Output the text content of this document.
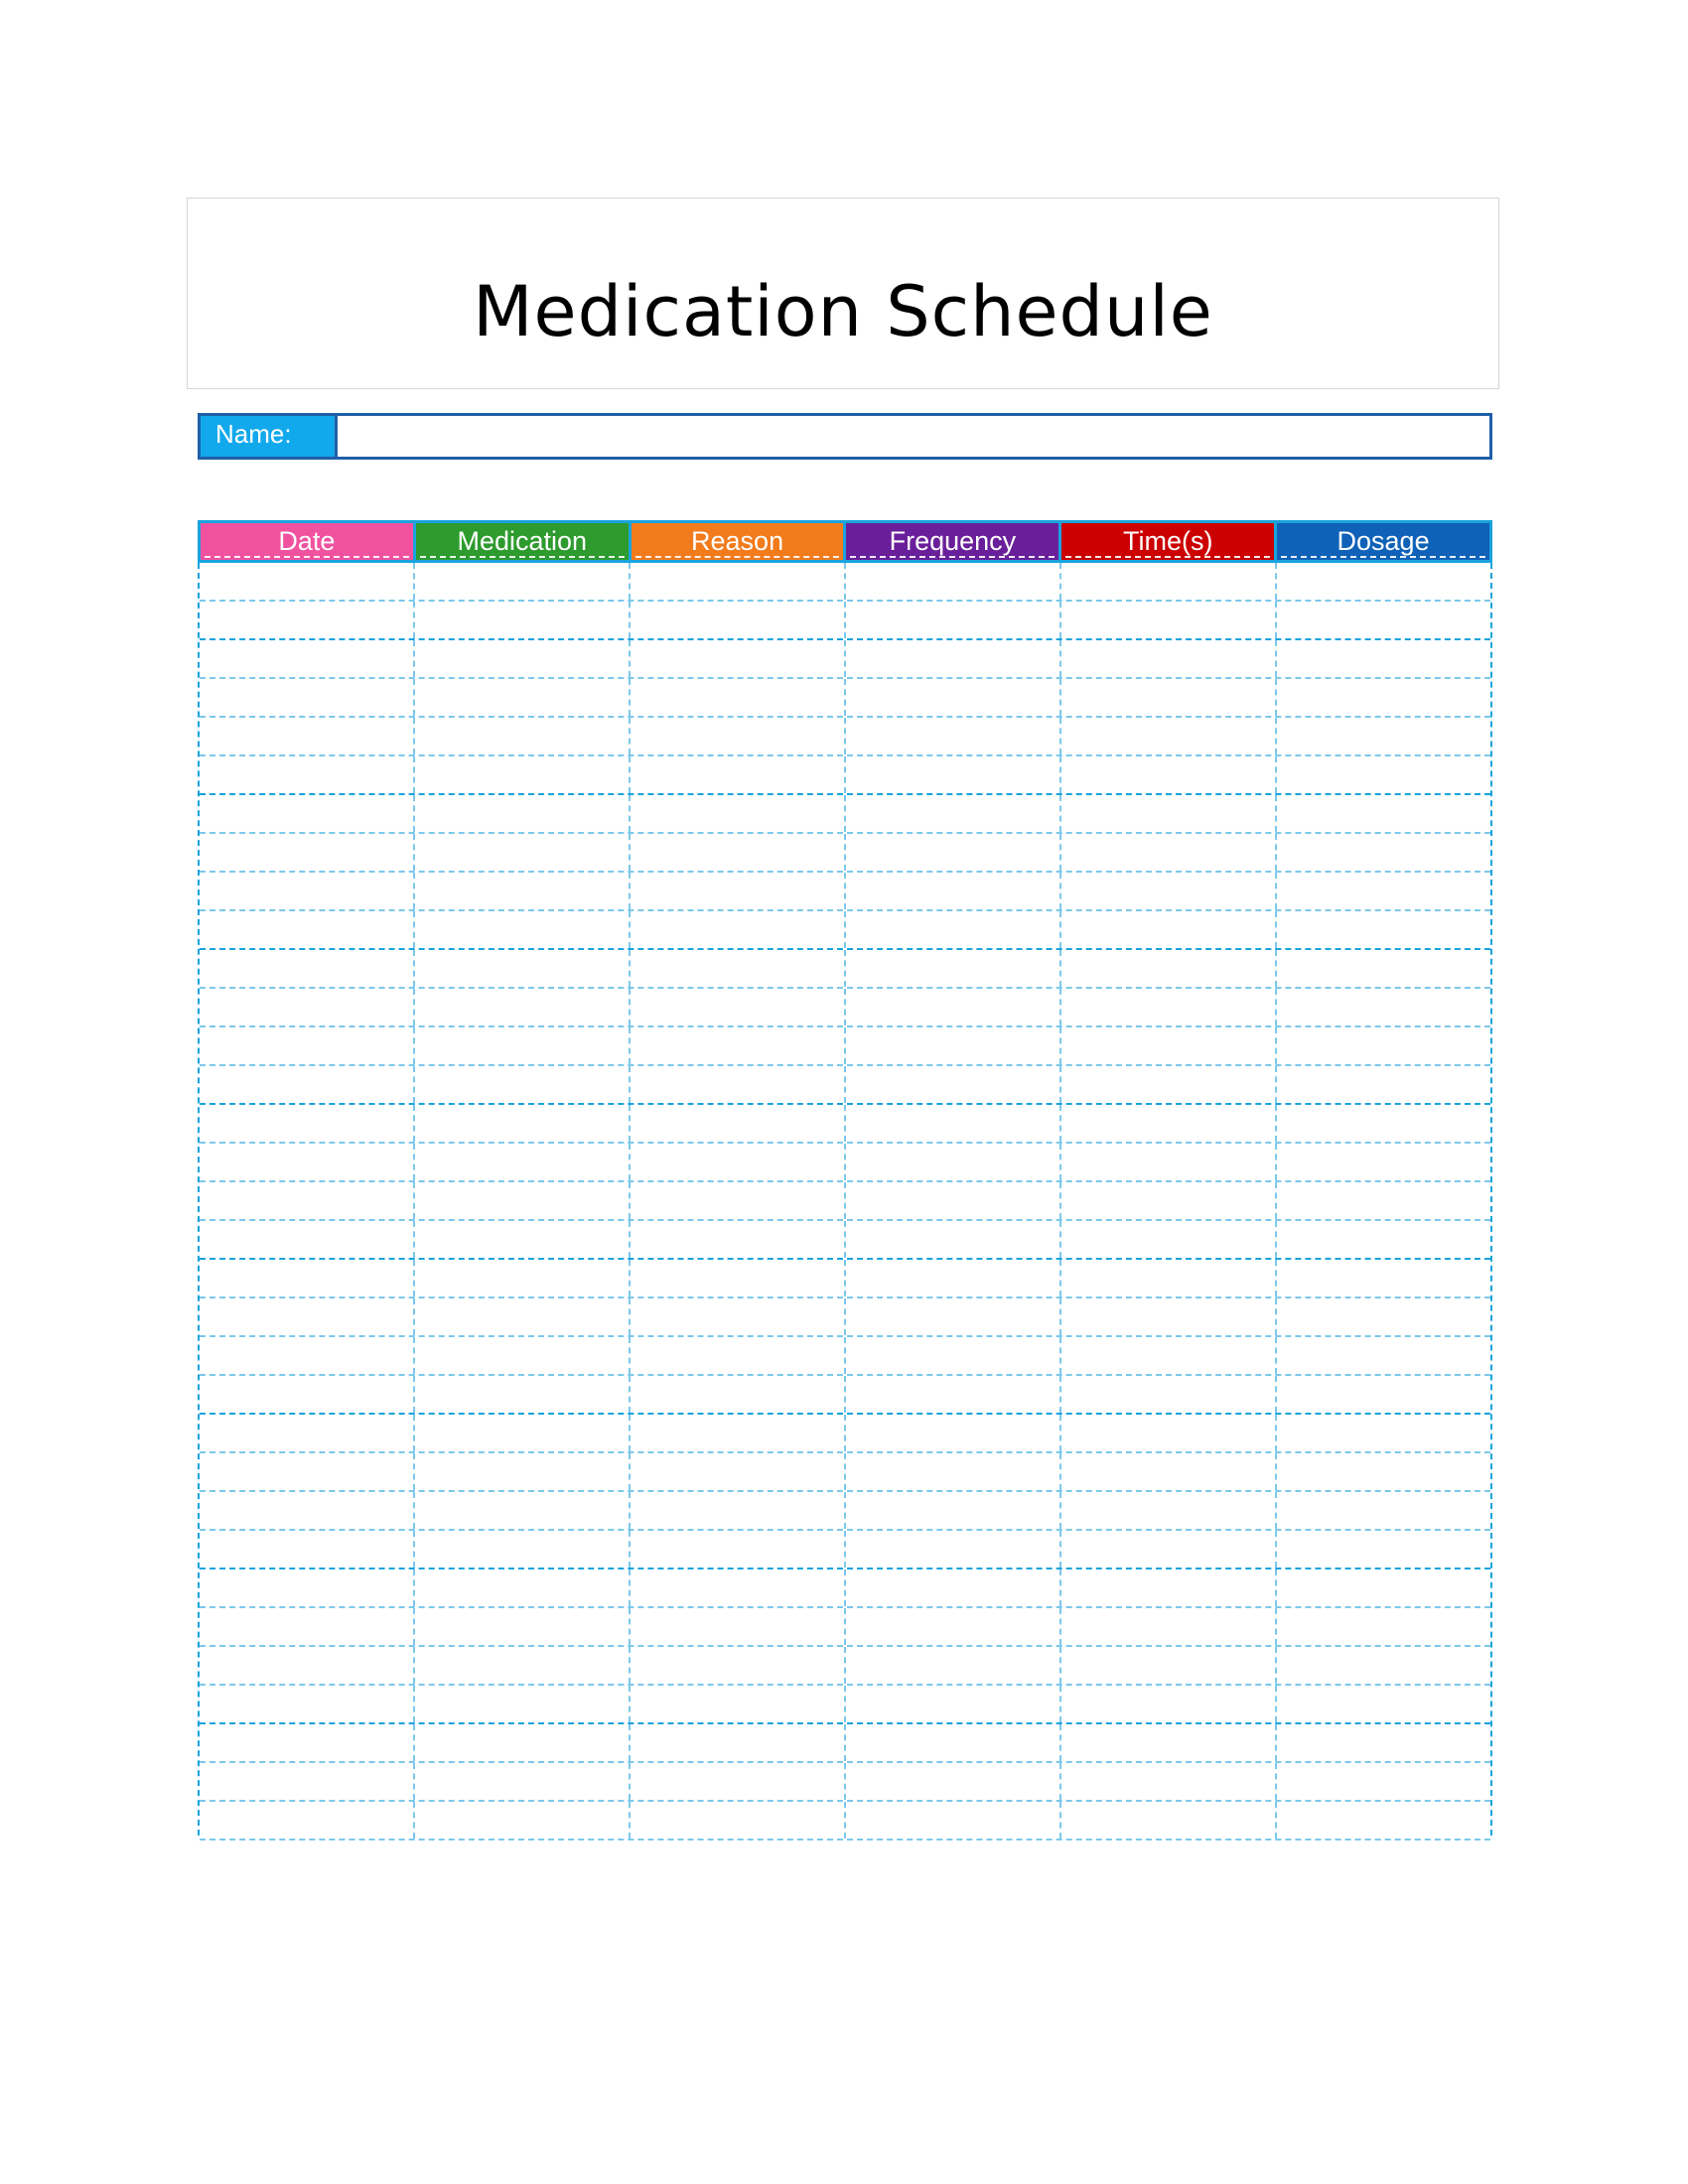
Medication Schedule
Name:
Date	Medication	Reason	Frequency	Time(s)	Dosage
